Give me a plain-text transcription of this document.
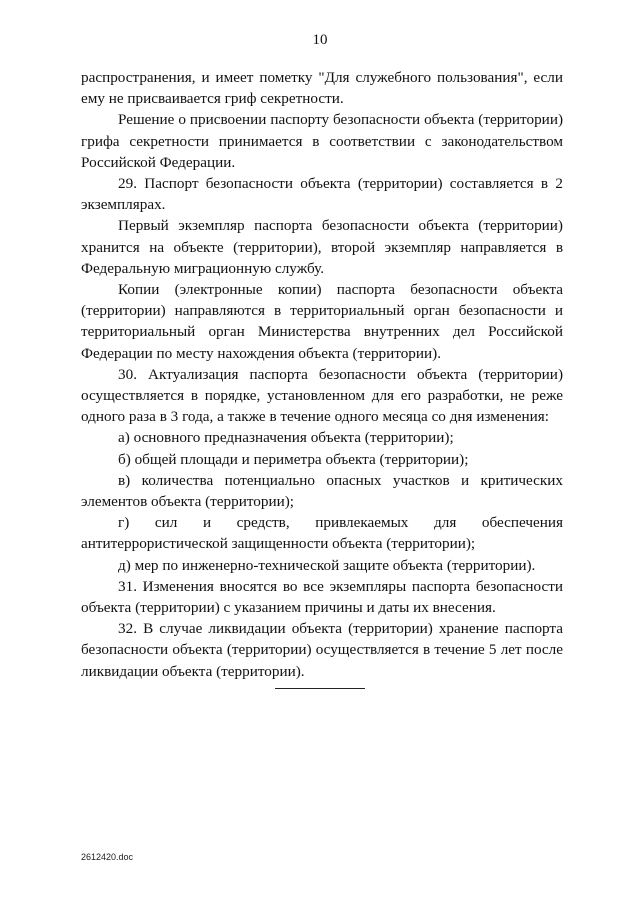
10

распространения, и имеет пометку "Для служебного пользования", если ему не присваивается гриф секретности.

Решение о присвоении паспорту безопасности объекта (территории) грифа секретности принимается в соответствии с законодательством Российской Федерации.

29. Паспорт безопасности объекта (территории) составляется в 2 экземплярах.

Первый экземпляр паспорта безопасности объекта (территории) хранится на объекте (территории), второй экземпляр направляется в Федеральную миграционную службу.

Копии (электронные копии) паспорта безопасности объекта (территории) направляются в территориальный орган безопасности и территориальный орган Министерства внутренних дел Российской Федерации по месту нахождения объекта (территории).

30. Актуализация паспорта безопасности объекта (территории) осуществляется в порядке, установленном для его разработки, не реже одного раза в 3 года, а также в течение одного месяца со дня изменения:

а) основного предназначения объекта (территории);

б) общей площади и периметра объекта (территории);

в) количества потенциально опасных участков и критических элементов объекта (территории);

г) сил и средств, привлекаемых для обеспечения антитеррористической защищенности объекта (территории);

д) мер по инженерно-технической защите объекта (территории).

31. Изменения вносятся во все экземпляры паспорта безопасности объекта (территории) с указанием причины и даты их внесения.

32. В случае ликвидации объекта (территории) хранение паспорта безопасности объекта (территории) осуществляется в течение 5 лет после ликвидации объекта (территории).

2612420.doc
